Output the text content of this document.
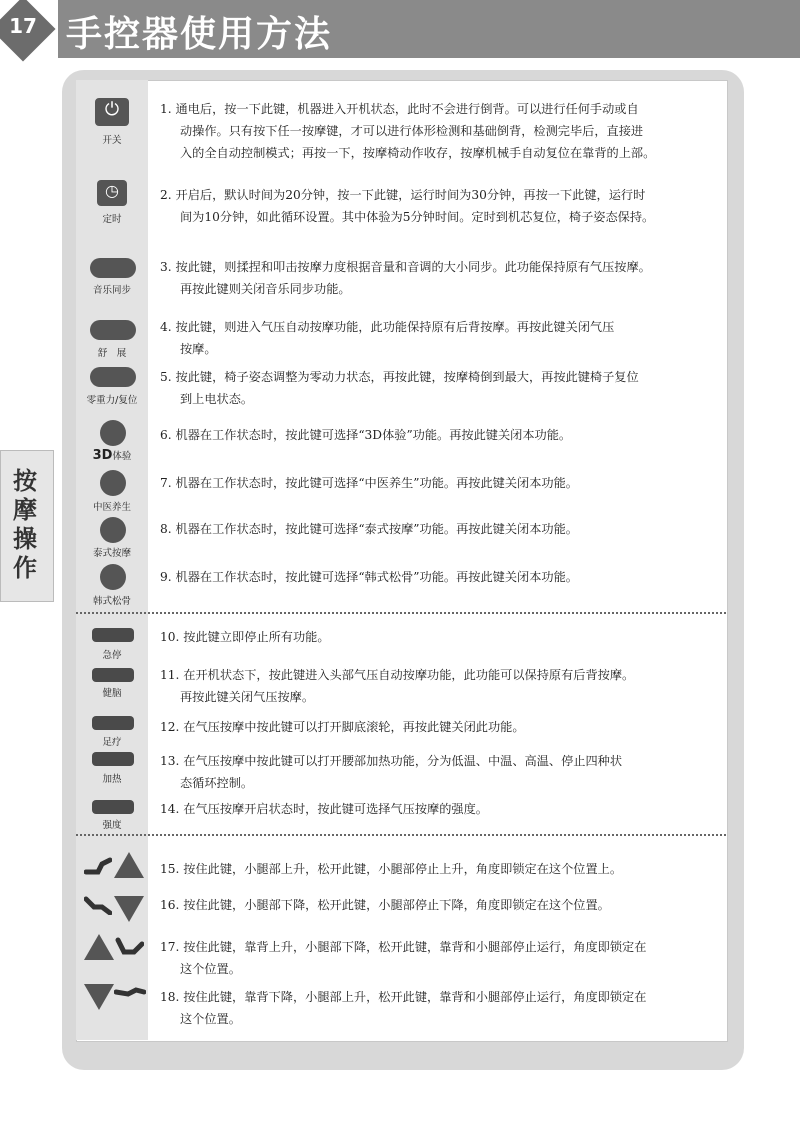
17 手控器使用方法
按摩操作
⏻
开关
◷
定时
音乐同步
舒　展
零重力/复位
3D体验
中医养生
泰式按摩
韩式松骨
急停
健脑
足疗
加热
强度
1. 通电后，按一下此键，机器进入开机状态，此时不会进行倒背。可以进行任何手动或自
动操作。只有按下任一按摩键，才可以进行体形检测和基础倒背，检测完毕后，直接进
入的全自动控制模式；再按一下，按摩椅动作收存，按摩机械手自动复位在靠背的上部。
2. 开启后，默认时间为20分钟，按一下此键，运行时间为30分钟，再按一下此键，运行时
间为10分钟，如此循环设置。其中体验为5分钟时间。定时到机芯复位，椅子姿态保持。
3. 按此键，则揉捏和叩击按摩力度根据音量和音调的大小同步。此功能保持原有气压按摩。
再按此键则关闭音乐同步功能。
4. 按此键，则进入气压自动按摩功能，此功能保持原有后背按摩。再按此键关闭气压
按摩。
5. 按此键，椅子姿态调整为零动力状态，再按此键，按摩椅倒到最大，再按此键椅子复位
到上电状态。
6. 机器在工作状态时，按此键可选择“3D体验”功能。再按此键关闭本功能。
7. 机器在工作状态时，按此键可选择“中医养生”功能。再按此键关闭本功能。
8. 机器在工作状态时，按此键可选择“泰式按摩”功能。再按此键关闭本功能。
9. 机器在工作状态时，按此键可选择“韩式松骨”功能。再按此键关闭本功能。
10. 按此键立即停止所有功能。
11. 在开机状态下，按此键进入头部气压自动按摩功能，此功能可以保持原有后背按摩。
再按此键关闭气压按摩。
12. 在气压按摩中按此键可以打开脚底滚轮，再按此键关闭此功能。
13. 在气压按摩中按此键可以打开腰部加热功能，分为低温、中温、高温、停止四种状
态循环控制。
14. 在气压按摩开启状态时，按此键可选择气压按摩的强度。
15. 按住此键，小腿部上升，松开此键，小腿部停止上升，角度即锁定在这个位置上。
16. 按住此键，小腿部下降，松开此键，小腿部停止下降，角度即锁定在这个位置。
17. 按住此键，靠背上升，小腿部下降，松开此键，靠背和小腿部停止运行，角度即锁定在
这个位置。
18. 按住此键，靠背下降，小腿部上升，松开此键，靠背和小腿部停止运行，角度即锁定在
这个位置。
